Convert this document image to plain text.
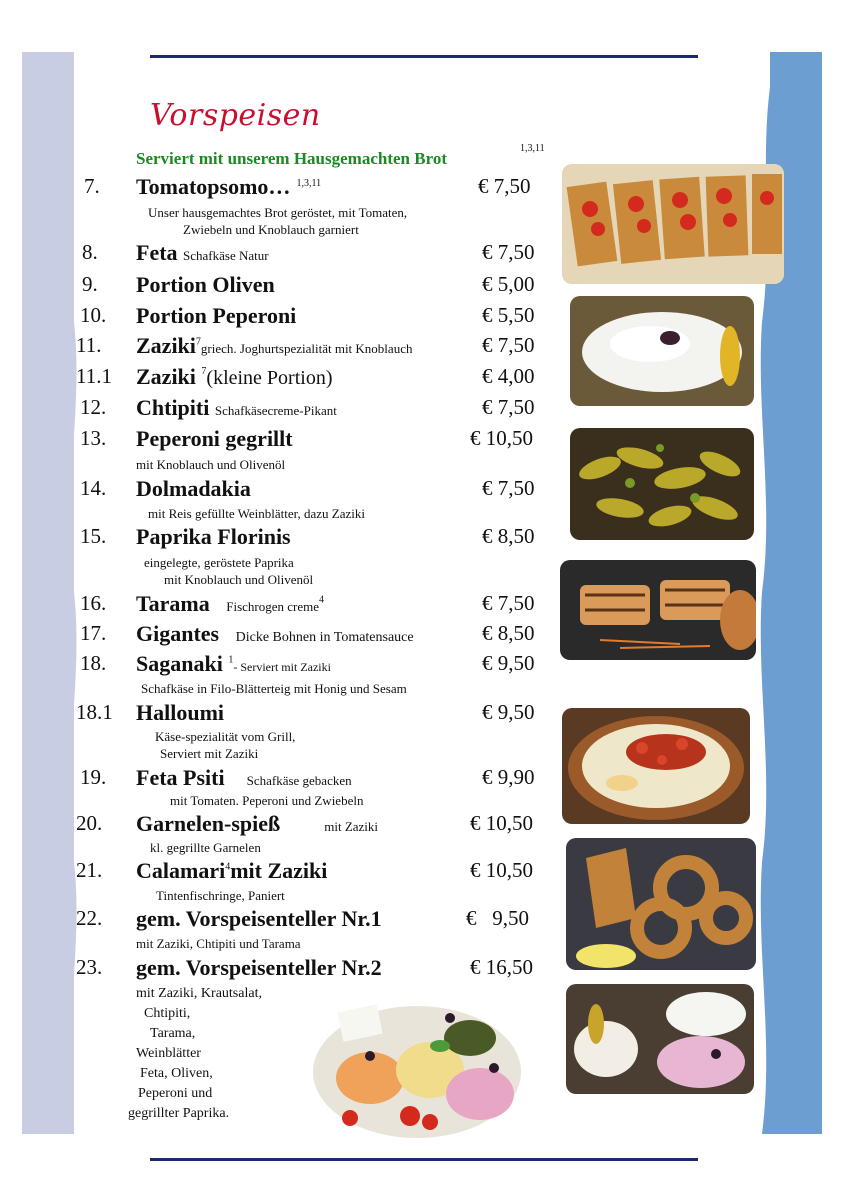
Vorspeisen
Serviert mit unserem Hausgemachten Brot
1,3,11
7. Tomatopsomo… $^{1,3,11}$	€ 7,50
Unser hausgemachtes Brot geröstet, mit Tomaten,
Zwiebeln und Knoblauch garniert
8. Feta Schafkäse Natur	€ 7,50
9. Portion Oliven	€ 5,00
10. Portion Peperoni	€ 5,50
11. Zaziki$^7$griech. Joghurtspezialität mit Knoblauch	€ 7,50
11.1 Zaziki $^7$(kleine Portion)	€ 4,00
12. Chtipiti Schafkäsecreme-Pikant	€ 7,50
13. Peperoni gegrillt	€ 10,50
mit Knoblauch und Olivenöl
14. Dolmadakia	€ 7,50
mit Reis gefüllte Weinblätter, dazu Zaziki
15. Paprika Florinis	€ 8,50
eingelegte, geröstete Paprika
mit Knoblauch und Olivenöl
16. Tarama Fischrogen creme$^4$	€ 7,50
17. Gigantes Dicke Bohnen in Tomatensauce	€ 8,50
18. Saganaki $^1$- Serviert mit Zaziki	€ 9,50
Schafkäse in Filo-Blätterteig mit Honig und Sesam
18.1 Halloumi	€ 9,50
Käse-spezialität vom Grill,
Serviert mit Zaziki
19. Feta Psiti Schafkäse gebacken	€ 9,90
mit Tomaten. Peperoni und Zwiebeln
20. Garnelen-spieß	mit Zaziki	€ 10,50
kl. gegrillte Garnelen
21. Calamari$^4$mit Zaziki	€ 10,50
Tintenfischringe, Paniert
22. gem. Vorspeisenteller Nr.1	€   9,50
mit Zaziki, Chtipiti und Tarama
23. gem. Vorspeisenteller Nr.2	€ 16,50
mit Zaziki, Krautsalat,
Chtipiti,
Tarama,
Weinblätter
Feta, Oliven,
Peperoni und
gegrillter Paprika.
